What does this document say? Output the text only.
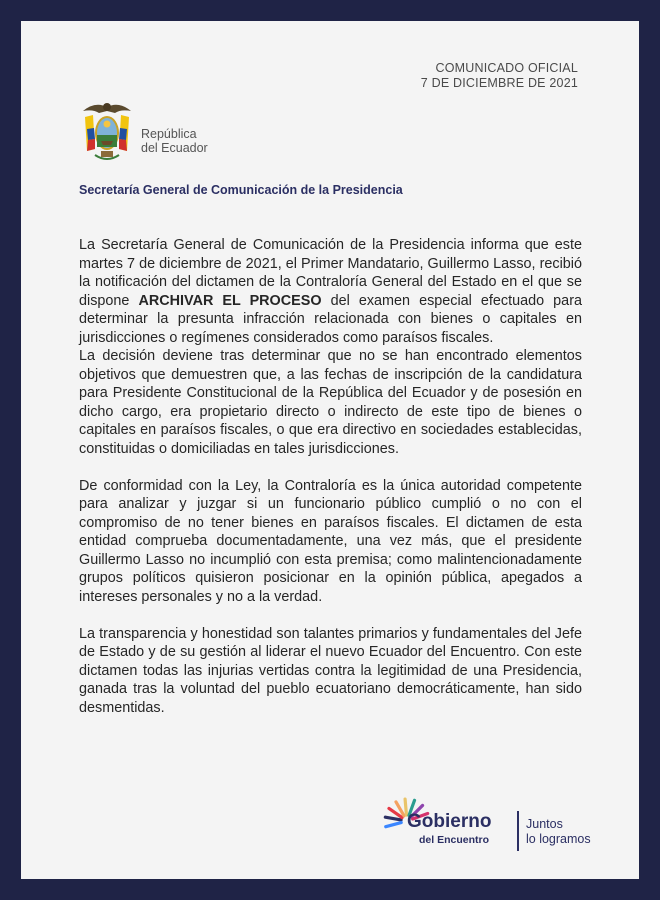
COMUNICADO OFICIAL
7 DE DICIEMBRE DE 2021
República
del Ecuador
Secretaría General de Comunicación de la Presidencia

La Secretaría General de Comunicación de la Presidencia informa que este martes 7 de diciembre de 2021, el Primer Mandatario, Guillermo Lasso, recibió la notificación del dictamen de la Contraloría General del Estado en el que se dispone ARCHIVAR EL PROCESO del examen especial efectuado para determinar la presunta infracción relacionada con bienes o capitales en jurisdicciones o regímenes considerados como paraísos fiscales.

La decisión deviene tras determinar que no se han encontrado elementos objetivos que demuestren que, a las fechas de inscripción de la candidatura para Presidente Constitucional de la República del Ecuador y de posesión en dicho cargo, era propietario directo o indirecto de este tipo de bienes o capitales en paraísos fiscales, o que era directivo en sociedades establecidas, constituidas o domiciliadas en tales jurisdicciones.

De conformidad con la Ley, la Contraloría es la única autoridad competente para analizar y juzgar si un funcionario público cumplió o no con el compromiso de no tener bienes en paraísos fiscales. El dictamen de esta entidad comprueba documentadamente, una vez más, que el presidente Guillermo Lasso no incumplió con esta premisa; como malintencionadamente grupos políticos quisieron posicionar en la opinión pública, apegados a intereses personales y no a la verdad.

La transparencia y honestidad son talantes primarios y fundamentales del Jefe de Estado y de su gestión al liderar el nuevo Ecuador del Encuentro. Con este dictamen todas las injurias vertidas contra la legitimidad de una Presidencia, ganada tras la voluntad del pueblo ecuatoriano democráticamente, han sido desmentidas.

Gobierno
del Encuentro
Juntos
lo logramos
